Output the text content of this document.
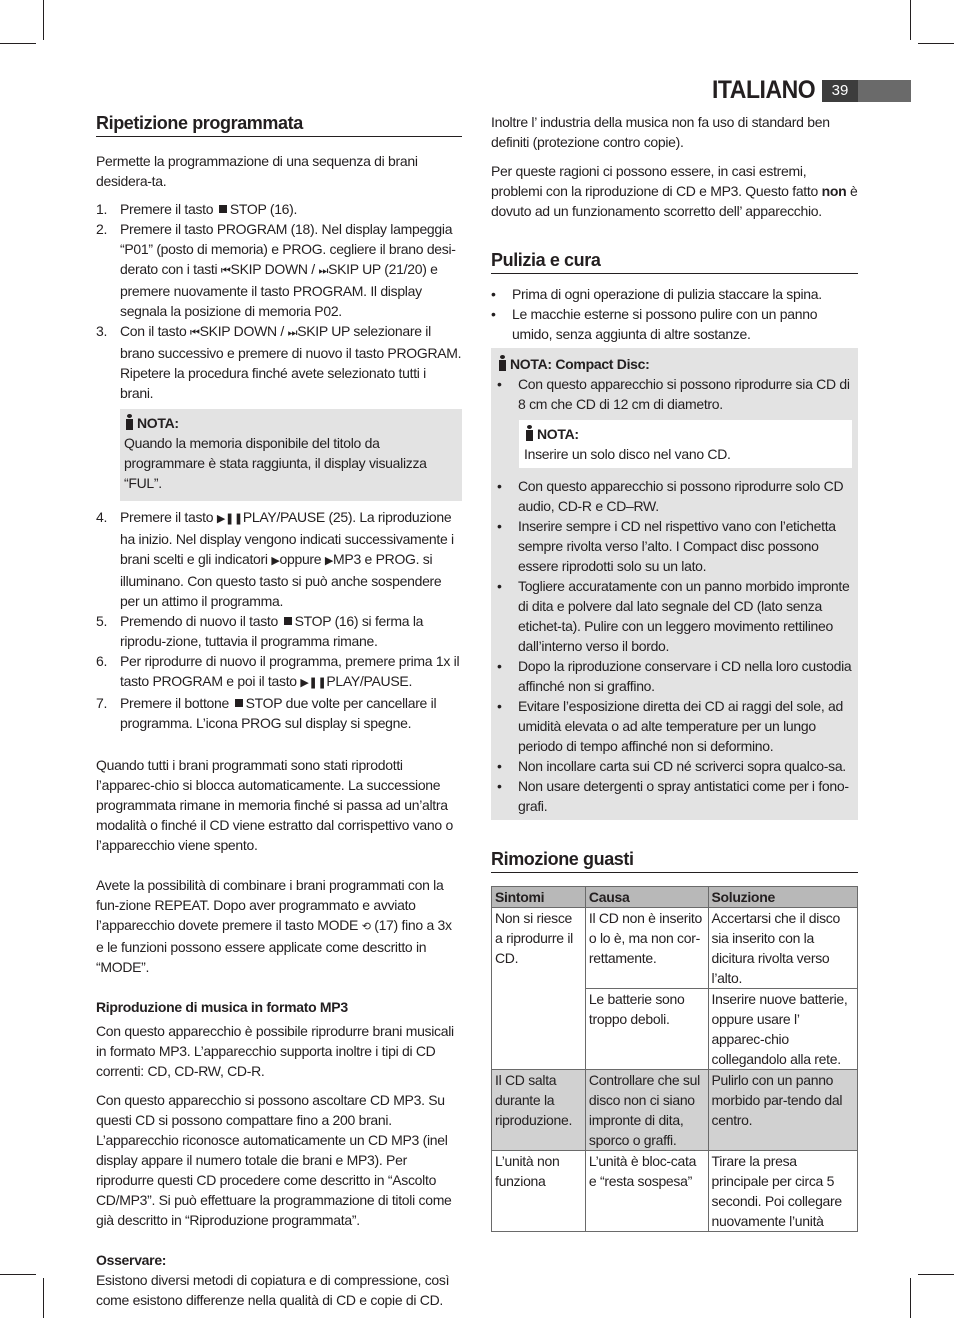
ITALIANO	39
Ripetizione programmata

Permette la programmazione di una sequenza di brani desidera-ta.

1. Premere il tasto STOP (16).
2. Premere il tasto PROGRAM (18). Nel display lampeggia “P01” (posto di memoria) e PROG. cegliere il brano desi-derato con i tasti ⏮SKIP DOWN / ⏭SKIP UP (21/20) e premere nuovamente il tasto PROGRAM. Il display segnala la posizione di memoria P02.
3. Con il tasto ⏮SKIP DOWN / ⏭SKIP UP selezionare il brano successivo e premere di nuovo il tasto PROGRAM. Ripetere la procedura finché avete selezionato tutti i brani.
NOTA:

Quando la memoria disponibile del titolo da programmare è stata raggiunta, il display visualizza “FUL”.

4. Premere il tasto ▶❚❚PLAY/PAUSE (25). La riproduzione ha inizio. Nel display vengono indicati successivamente i brani scelti e gli indicatori ▶oppure ▶MP3 e PROG. si illuminano. Con questo tasto si può anche sospendere per un attimo il programma.
5. Premendo di nuovo il tasto STOP (16) si ferma la riprodu-zione, tuttavia il programma rimane.
6. Per riprodurre di nuovo il programma, premere prima 1x il tasto PROGRAM e poi il tasto ▶❚❚PLAY/PAUSE.
7. Premere il bottone STOP due volte per cancellare il programma. L’icona PROG sul display si spegne.

Quando tutti i brani programmati sono stati riprodotti l’apparec-chio si blocca automaticamente. La successione programmata rimane in memoria finché si passa ad un’altra modalità o finché il CD viene estratto dal corrispettivo vano o l’apparecchio viene spento.

Avete la possibilità di combinare i brani programmati con la fun-zione REPEAT. Dopo aver programmato e avviato l’apparecchio dovete premere il tasto MODE ⟲ (17) fino a 3x e le funzioni possono essere applicate come descritto in “MODE”.

Riproduzione di musica in formato MP3

Con questo apparecchio è possibile riprodurre brani musicali in formato MP3. L’apparecchio supporta inoltre i tipi di CD correnti: CD, CD-RW, CD-R.

Con questo apparecchio si possono ascoltare CD MP3. Su questi CD si possono compattare fino a 200 brani. L’apparecchio riconosce automaticamente un CD MP3 (inel display appare il numero totale die brani e MP3). Per riprodurre questi CD procedere come descritto in “Ascolto CD/MP3”. Si può effettuare la programmazione di titoli come già descritto in “Riproduzione programmata”.

Osservare:

Esistono diversi metodi di copiatura e di compressione, così come esistono differenze nella qualità di CD e copie di CD.

Inoltre l’ industria della musica non fa uso di standard ben definiti (protezione contro copie).

Per queste ragioni ci possono essere, in casi estremi, problemi con la riproduzione di CD e MP3. Questo fatto non è dovuto ad un funzionamento scorretto dell’ apparecchio.

Pulizia e cura
• Prima di ogni operazione di pulizia staccare la spina.
• Le macchie esterne si possono pulire con un panno umido, senza aggiunta di altre sostanze.
NOTA: Compact Disc:
• Con questo apparecchio si possono riprodurre sia CD di 8 cm che CD di 12 cm di diametro.
NOTA:

Inserire un solo disco nel vano CD.

• Con questo apparecchio si possono riprodurre solo CD audio, CD-R e CD–RW.
• Inserire sempre i CD nel rispettivo vano con l’etichetta sempre rivolta verso l’alto. I Compact disc possono essere riprodotti solo su un lato.
• Togliere accuratamente con un panno morbido impronte di dita e polvere dal lato segnale del CD (lato senza etichet-ta). Pulire con un leggero movimento rettilineo dall’interno verso il bordo.
• Dopo la riproduzione conservare i CD nella loro custodia affinché non si graffino.
• Evitare l’esposizione diretta dei CD ai raggi del sole, ad umidità elevata o ad alte temperature per un lungo periodo di tempo affinché non si deformino.
• Non incollare carta sui CD né scriverci sopra qualco-sa.
• Non usare detergenti o spray antistatici come per i fono-grafi.
Rimozione guasti
Sintomi	Causa	Soluzione
Non si riesce a riprodurre il CD.	Il CD non è inserito o lo è, ma non cor-rettamente.	Accertarsi che il disco sia inserito con la dicitura rivolta verso l’alto.
	Le batterie sono troppo deboli.	Inserire nuove batterie, oppure usare l’ apparec-chio collegandolo alla rete.
Il CD salta durante la riproduzione.	Controllare che sul disco non ci siano impronte di dita, sporco o graffi.	Pulirlo con un panno morbido par-tendo dal centro.
L’unità non funziona	L’unità è bloc-cata e “resta sospesa”	Tirare la presa principale per circa 5 secondi. Poi collegare nuovamente l’unità
